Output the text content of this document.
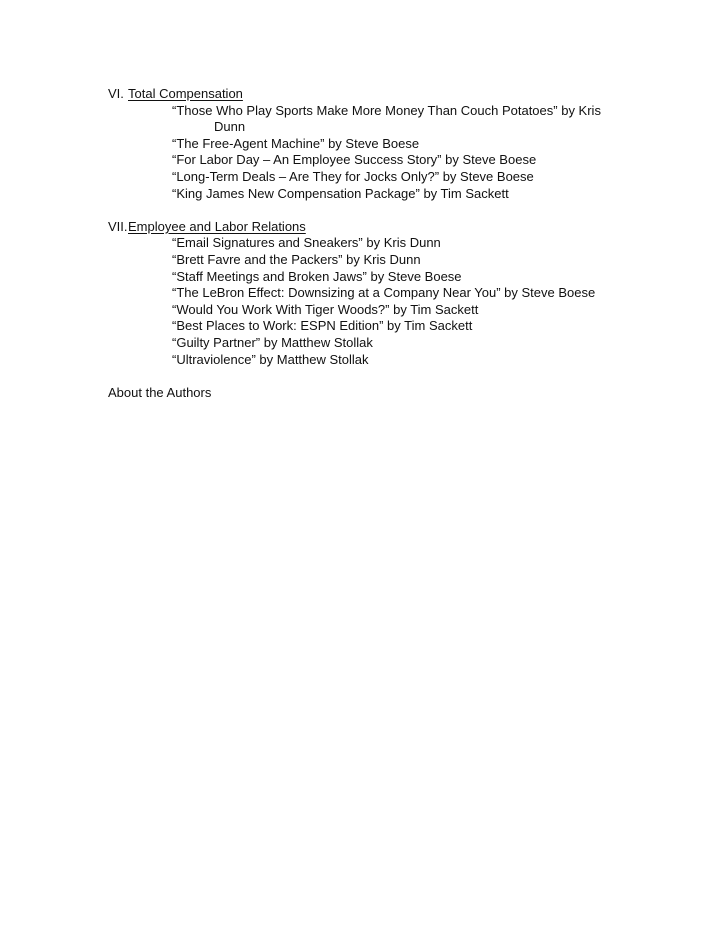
VI. Total Compensation
“Those Who Play Sports Make More Money Than Couch Potatoes” by Kris
Dunn
“The Free-Agent Machine” by Steve Boese
“For Labor Day – An Employee Success Story” by Steve Boese
“Long-Term Deals – Are They for Jocks Only?” by Steve Boese
“King James New Compensation Package” by Tim Sackett
VII. Employee and Labor Relations
“Email Signatures and Sneakers” by Kris Dunn
“Brett Favre and the Packers” by Kris Dunn
“Staff Meetings and Broken Jaws” by Steve Boese
“The LeBron Effect: Downsizing at a Company Near You” by Steve Boese
“Would You Work With Tiger Woods?” by Tim Sackett
“Best Places to Work: ESPN Edition” by Tim Sackett
“Guilty Partner” by Matthew Stollak
“Ultraviolence” by Matthew Stollak
About the Authors
